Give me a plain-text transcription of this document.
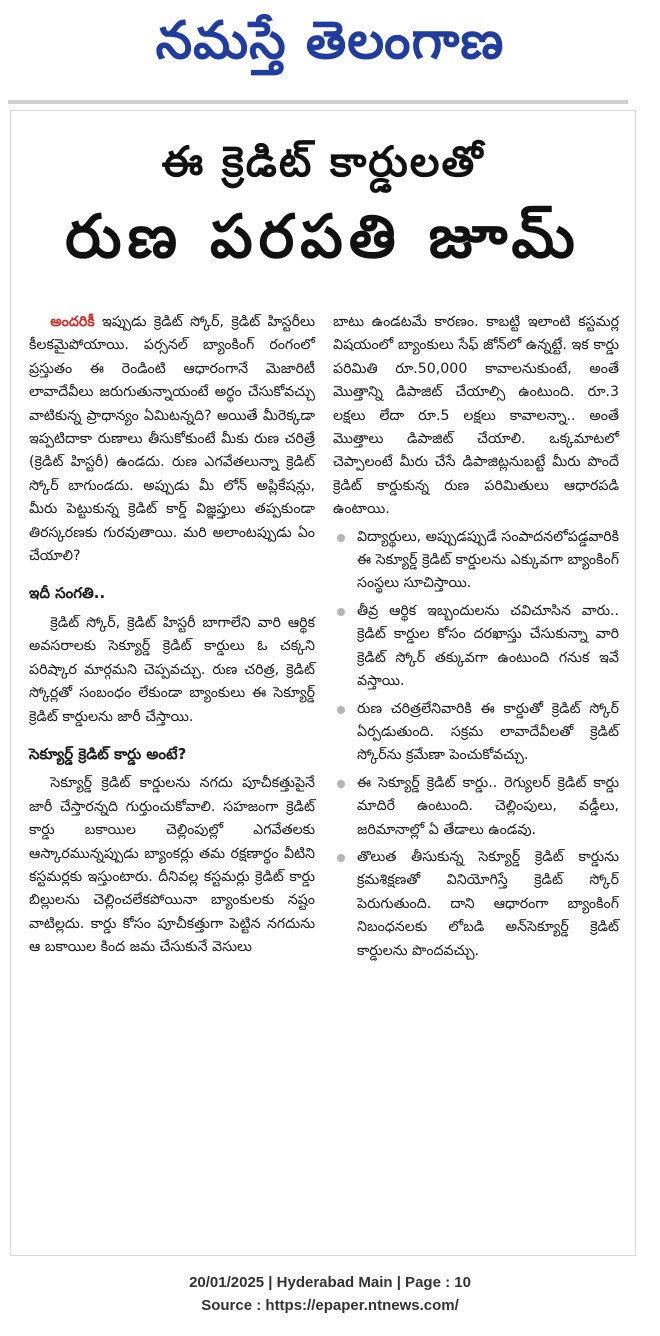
నమస్తే తెలంగాణ
ఈ క్రెడిట్ కార్డులతో
రుణ పరపతి జూమ్

అందరికీ ఇప్పుడు క్రెడిట్ స్కోర్, క్రెడిట్ హిస్టరీలు కీలకమైపోయాయి. పర్సనల్ బ్యాంకింగ్ రంగంలో ప్రస్తుతం ఈ రెండింటి ఆధారంగానే మెజారిటీ లావాదేవీలు జరుగుతున్నాయంటే అర్థం చేసుకోవచ్చు వాటికున్న ప్రాధాన్యం ఏమిటన్నది? అయితే మీరెక్కడా ఇప్పటిదాకా రుణాలు తీసుకోకుంటే మీకు రుణ చరిత్రే (క్రెడిట్ హిస్టరీ) ఉండదు. రుణ ఎగవేతలున్నా క్రెడిట్ స్కోర్ బాగుండదు. అప్పుడు మీ లోన్ అప్లికేషన్లు, మీరు పెట్టుకున్న క్రెడిట్ కార్డ్ విజ్ఞప్తులు తప్పకుండా తిరస్కరణకు గురవుతాయి. మరి అలాంటప్పుడు ఏం చేయాలి?

ఇదీ సంగతి..

క్రెడిట్ స్కోర్, క్రెడిట్ హిస్టరీ బాగాలేని వారి ఆర్థిక అవసరాలకు సెక్యూర్డ్ క్రెడిట్ కార్డులు ఓ చక్కని పరిష్కార మార్గమని చెప్పవచ్చు. రుణ చరిత్ర, క్రెడిట్ స్కోర్లతో సంబంధం లేకుండా బ్యాంకులు ఈ సెక్యూర్డ్ క్రెడిట్ కార్డులను జారీ చేస్తాయి.

సెక్యూర్డ్ క్రెడిట్ కార్డు అంటే?

సెక్యూర్డ్ క్రెడిట్ కార్డులను నగదు పూచీకత్తుపైనే జారీ చేస్తారన్నది గుర్తుంచుకోవాలి. సహజంగా క్రెడిట్ కార్డు బకాయిల చెల్లింపుల్లో ఎగవేతలకు ఆస్కారమున్నప్పుడు బ్యాంకర్లు తమ రక్షణార్థం వీటిని కస్టమర్లకు ఇస్తుంటారు. దీనివల్ల కస్టమర్లు క్రెడిట్ కార్డు బిల్లులను చెల్లించలేకపోయినా బ్యాంకులకు నష్టం వాటిల్లదు. కార్డు కోసం పూచీకత్తుగా పెట్టిన నగదును ఆ బకాయిల కింద జమ చేసుకునే వెసులు

బాటు ఉండటమే కారణం. కాబట్టి ఇలాంటి కస్టమర్ల విషయంలో బ్యాంకులు సేఫ్ జోన్‌లో ఉన్నట్టే. ఇక కార్డు పరిమితి రూ.50,000 కావాలనుకుంటే, అంతే మొత్తాన్ని డిపాజిట్ చేయాల్సి ఉంటుంది. రూ.3 లక్షలు లేదా రూ.5 లక్షలు కావాలన్నా.. అంతే మొత్తాలు డిపాజిట్ చేయాలి. ఒక్కమాటలో చెప్పాలంటే మీరు చేసే డిపాజిట్లనుబట్టే మీరు పొందే క్రెడిట్ కార్డుకున్న రుణ పరిమితులు ఆధారపడి ఉంటాయి.

విద్యార్థులు, అప్పుడప్పుడే సంపాదనలోపడ్డవారికి ఈ సెక్యూర్డ్ క్రెడిట్ కార్డులను ఎక్కువగా బ్యాంకింగ్ సంస్థలు సూచిస్తాయి.
తీవ్ర ఆర్థిక ఇబ్బందులను చవిచూసిన వారు.. క్రెడిట్ కార్డుల కోసం దరఖాస్తు చేసుకున్నా వారి క్రెడిట్ స్కోర్ తక్కువగా ఉంటుంది గనుక ఇవే వస్తాయి.
రుణ చరిత్రలేనివారికి ఈ కార్డుతో క్రెడిట్ స్కోర్ ఏర్పడుతుంది. సక్రమ లావాదేవీలతో క్రెడిట్ స్కోర్‌ను క్రమేణా పెంచుకోవచ్చు.
ఈ సెక్యూర్డ్ క్రెడిట్ కార్డు.. రెగ్యులర్ క్రెడిట్ కార్డు మాదిరే ఉంటుంది. చెల్లింపులు, వడ్డీలు, జరిమానాల్లో ఏ తేడాలు ఉండవు.
తొలుత తీసుకున్న సెక్యూర్డ్ క్రెడిట్ కార్డును క్రమశిక్షణతో వినియోగిస్తే క్రెడిట్ స్కోర్ పెరుగుతుంది. దాని ఆధారంగా బ్యాంకింగ్ నిబంధనలకు లోబడి అన్‌సెక్యూర్డ్ క్రెడిట్ కార్డులను పొందవచ్చు.
20/01/2025 | Hyderabad Main | Page : 10
Source : https://epaper.ntnews.com/
